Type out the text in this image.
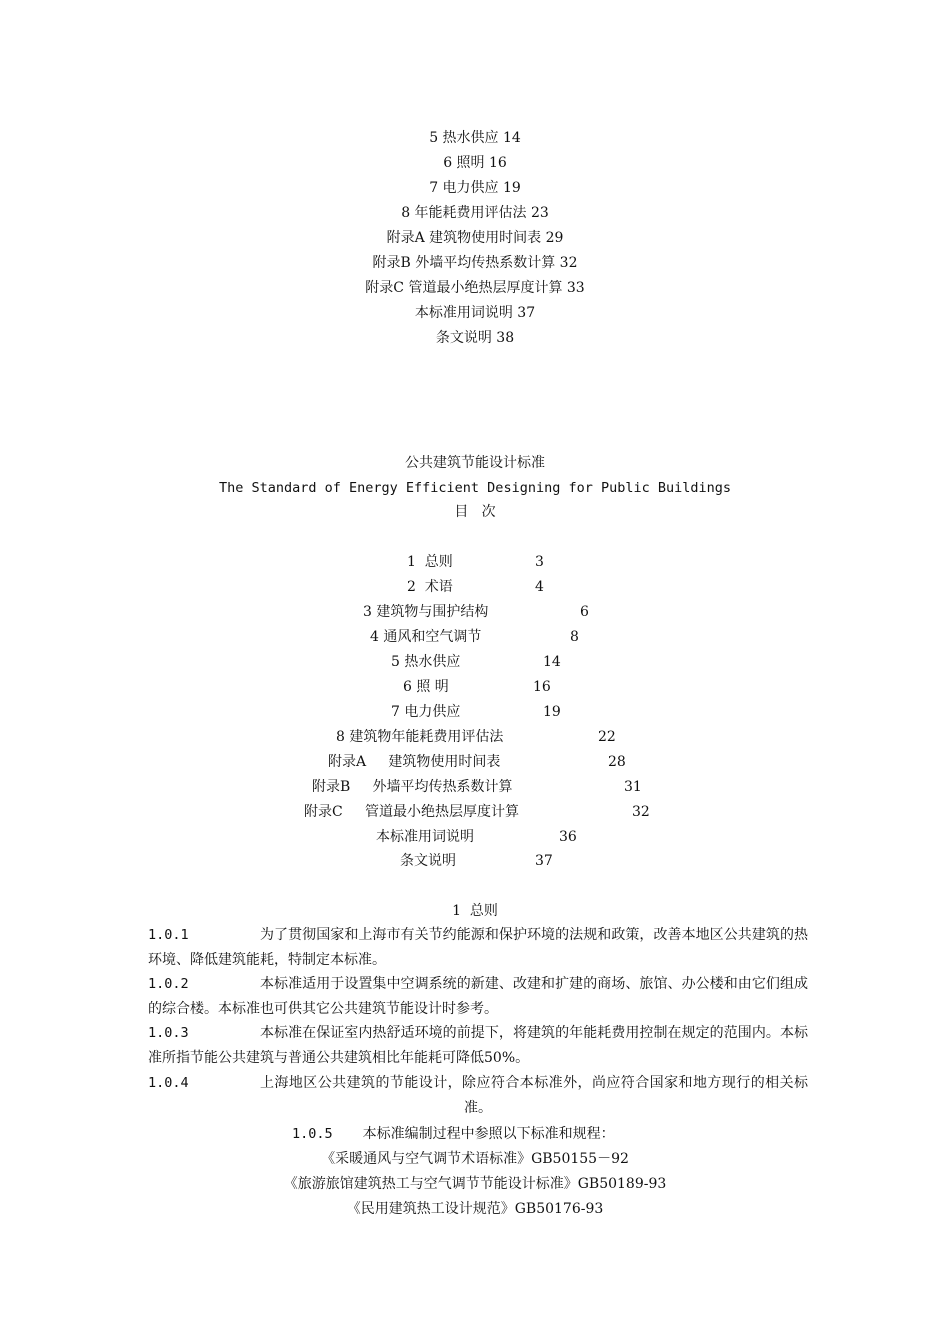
5 热水供应 14
6 照明 16
7 电力供应 19
8 年能耗费用评估法 23
附录A 建筑物使用时间表 29
附录B 外墙平均传热系数计算 32
附录C 管道最小绝热层厚度计算 33
本标准用词说明 37
条文说明 38
公共建筑节能设计标准
The Standard of Energy Efficient Designing for Public Buildings
目   次
1  总则	3
2  术语	4
3 建筑物与围护结构	6
4 通风和空气调节	8
5 热水供应	14
6 照 明	16
7 电力供应	19
8 建筑物年能耗费用评估法	22
附录A     建筑物使用时间表	28
附录B     外墙平均传热系数计算	31
附录C     管道最小绝热层厚度计算	32
本标准用词说明	36
条文说明	37
1  总则
1.0.1	为了贯彻国家和上海市有关节约能源和保护环境的法规和政策，改善本地区公共建筑的热环境、降低建筑能耗，特制定本标准。
1.0.2	本标准适用于设置集中空调系统的新建、改建和扩建的商场、旅馆、办公楼和由它们组成的综合楼。本标准也可供其它公共建筑节能设计时参考。
1.0.3	本标准在保证室内热舒适环境的前提下，将建筑的年能耗费用控制在规定的范围内。本标准所指节能公共建筑与普通公共建筑相比年能耗可降低50%。
1.0.4	上海地区公共建筑的节能设计，除应符合本标准外，尚应符合国家和地方现行的相关标准。
1.0.5 本标准编制过程中参照以下标准和规程：
《采暖通风与空气调节术语标准》GB50155－92
《旅游旅馆建筑热工与空气调节节能设计标准》GB50189-93
《民用建筑热工设计规范》GB50176-93
